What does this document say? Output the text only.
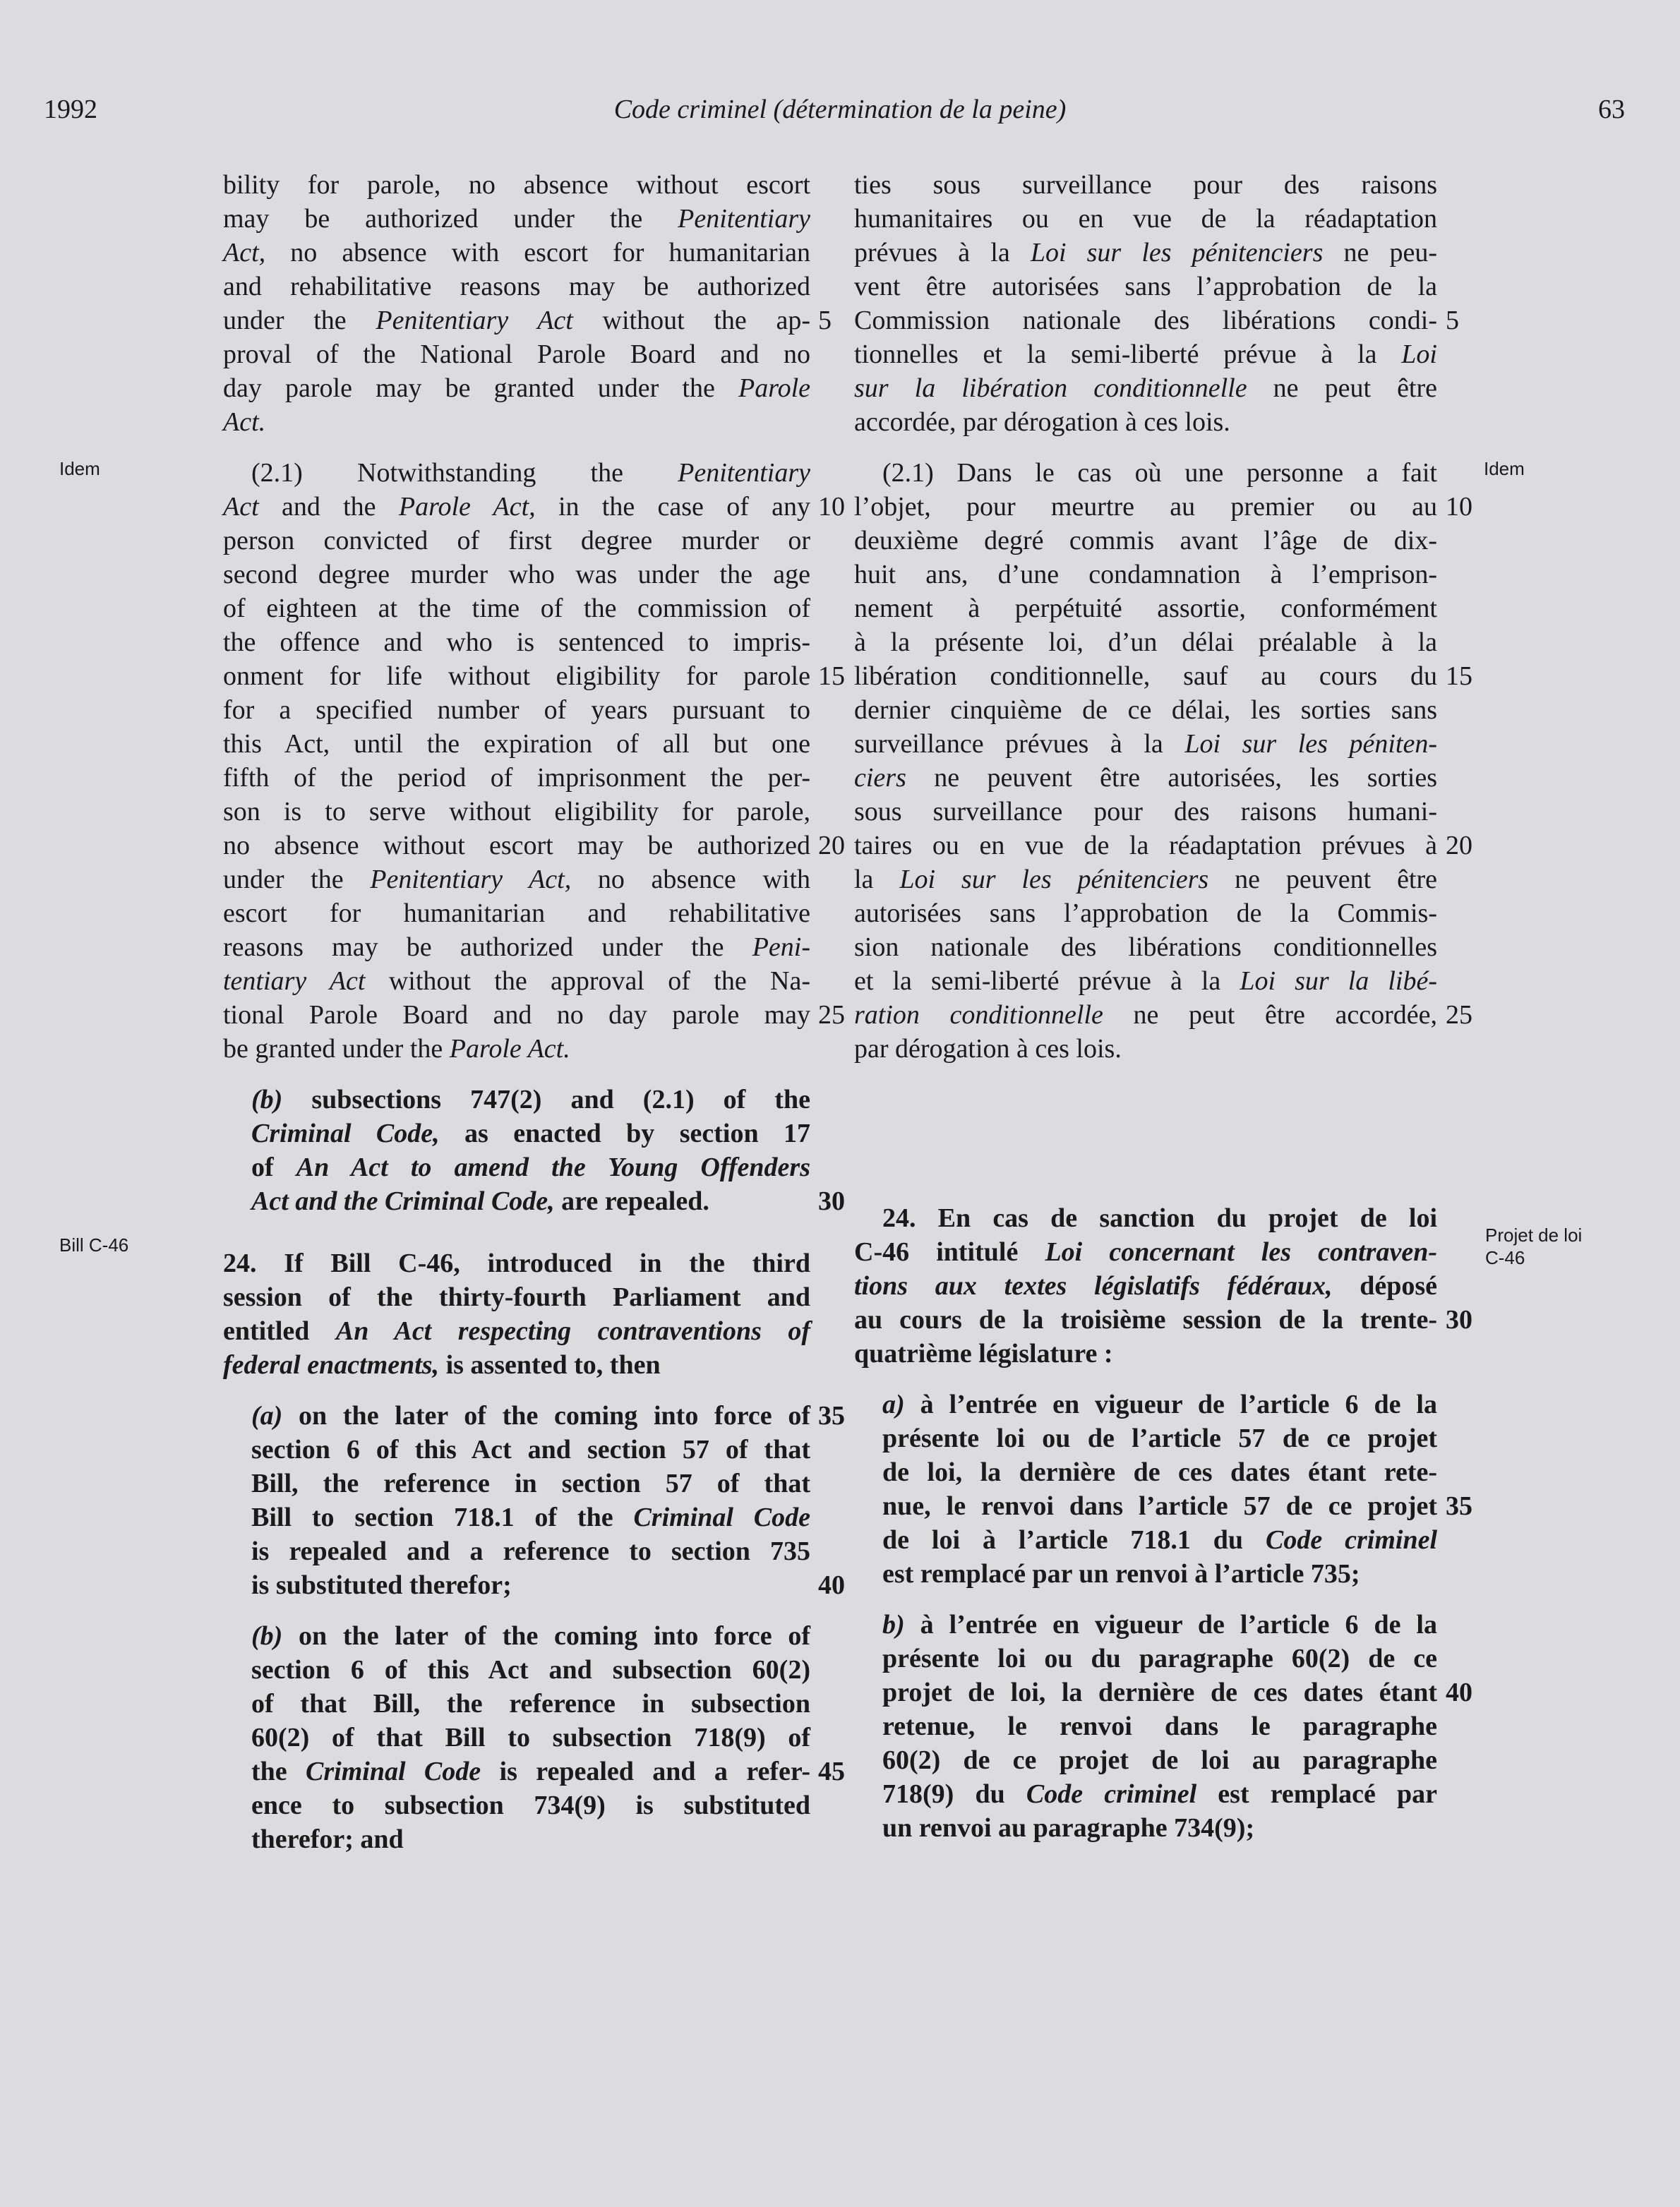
1992	Code criminel (détermination de la peine)	63
Idem
Bill C-46
Idem
Projet de loi C-46
bility for parole, no absence without escort
may be authorized under the Penitentiary
Act, no absence with escort for humanitarian
and rehabilitative reasons may be authorized
under the Penitentiary Act without the ap- 5
proval of the National Parole Board and no
day parole may be granted under the Parole
Act.
(2.1) Notwithstanding the Penitentiary
Act and the Parole Act, in the case of any 10
person convicted of first degree murder or
second degree murder who was under the age
of eighteen at the time of the commission of
the offence and who is sentenced to impris-
onment for life without eligibility for parole 15
for a specified number of years pursuant to
this Act, until the expiration of all but one
fifth of the period of imprisonment the per-
son is to serve without eligibility for parole,
no absence without escort may be authorized 20
under the Penitentiary Act, no absence with
escort for humanitarian and rehabilitative
reasons may be authorized under the Peni-
tentiary Act without the approval of the Na-
tional Parole Board and no day parole may 25
be granted under the Parole Act.
(b) subsections 747(2) and (2.1) of the
Criminal Code, as enacted by section 17
of An Act to amend the Young Offenders
Act and the Criminal Code, are repealed.	30
24. If Bill C-46, introduced in the third
session of the thirty-fourth Parliament and
entitled An Act respecting contraventions of
federal enactments, is assented to, then
(a) on the later of the coming into force of 35
section 6 of this Act and section 57 of that
Bill, the reference in section 57 of that
Bill to section 718.1 of the Criminal Code
is repealed and a reference to section 735
is substituted therefor;	40
(b) on the later of the coming into force of
section 6 of this Act and subsection 60(2)
of that Bill, the reference in subsection
60(2) of that Bill to subsection 718(9) of
the Criminal Code is repealed and a refer- 45
ence to subsection 734(9) is substituted
therefor; and
ties sous surveillance pour des raisons
humanitaires ou en vue de la réadaptation
prévues à la Loi sur les pénitenciers ne peu-
vent être autorisées sans l’approbation de la
Commission nationale des libérations condi- 5
tionnelles et la semi-liberté prévue à la Loi
sur la libération conditionnelle ne peut être
accordée, par dérogation à ces lois.
(2.1) Dans le cas où une personne a fait
l’objet, pour meurtre au premier ou au 10
deuxième degré commis avant l’âge de dix-
huit ans, d’une condamnation à l’emprison-
nement à perpétuité assortie, conformément
à la présente loi, d’un délai préalable à la
libération conditionnelle, sauf au cours du 15
dernier cinquième de ce délai, les sorties sans
surveillance prévues à la Loi sur les péniten-
ciers ne peuvent être autorisées, les sorties
sous surveillance pour des raisons humani-
taires ou en vue de la réadaptation prévues à 20
la Loi sur les pénitenciers ne peuvent être
autorisées sans l’approbation de la Commis-
sion nationale des libérations conditionnelles
et la semi-liberté prévue à la Loi sur la libé-
ration conditionnelle ne peut être accordée, 25
par dérogation à ces lois.
24. En cas de sanction du projet de loi
C-46 intitulé Loi concernant les contraven-
tions aux textes législatifs fédéraux, déposé
au cours de la troisième session de la trente- 30
quatrième législature :
a) à l’entrée en vigueur de l’article 6 de la
présente loi ou de l’article 57 de ce projet
de loi, la dernière de ces dates étant rete-
nue, le renvoi dans l’article 57 de ce projet 35
de loi à l’article 718.1 du Code criminel
est remplacé par un renvoi à l’article 735;
b) à l’entrée en vigueur de l’article 6 de la
présente loi ou du paragraphe 60(2) de ce
projet de loi, la dernière de ces dates étant 40
retenue, le renvoi dans le paragraphe
60(2) de ce projet de loi au paragraphe
718(9) du Code criminel est remplacé par
un renvoi au paragraphe 734(9);
